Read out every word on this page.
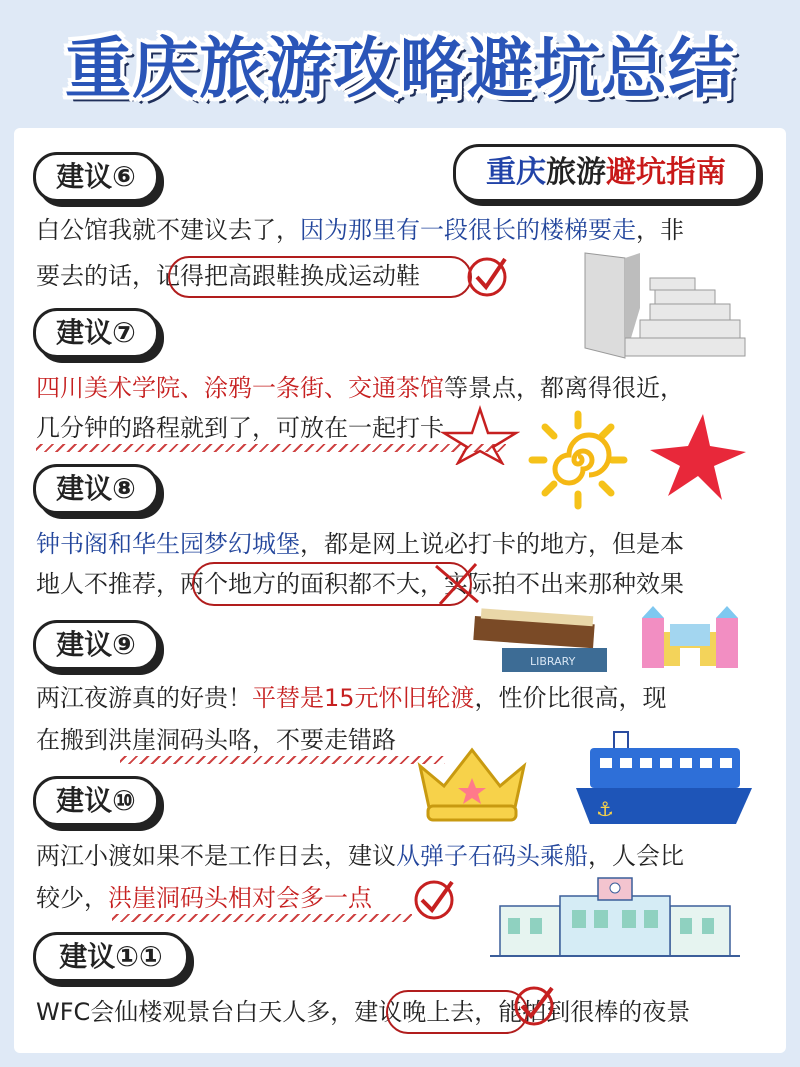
重庆旅游攻略避坑总结
重庆旅游避坑指南
建议⑥
白公馆我就不建议去了，因为那里有一段很长的楼梯要走，非
要去的话，记得把高跟鞋换成运动鞋
建议⑦
四川美术学院、涂鸦一条街、交通茶馆等景点，都离得很近，
几分钟的路程就到了，可放在一起打卡
建议⑧
钟书阁和华生园梦幻城堡，都是网上说必打卡的地方，但是本
地人不推荐，两个地方的面积都不大，实际拍不出来那种效果
建议⑨
两江夜游真的好贵！平替是15元怀旧轮渡，性价比很高，现
在搬到洪崖洞码头咯，不要走错路
LIBRARY
⚓
建议⑩
两江小渡如果不是工作日去，建议从弹子石码头乘船，人会比
较少，洪崖洞码头相对会多一点
建议①①
WFC会仙楼观景台白天人多，建议晚上去，能拍到很棒的夜景
